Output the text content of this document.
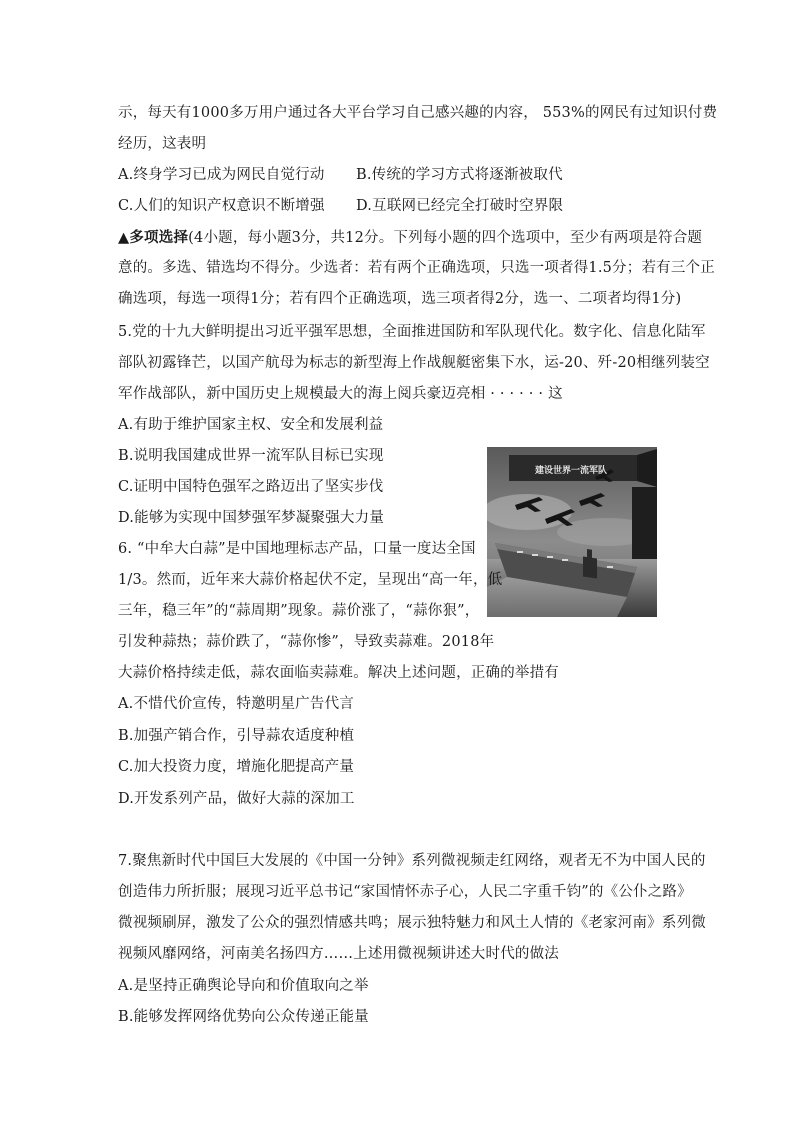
示，每天有1000多万用户通过各大平台学习自己感兴趣的内容， 553%的网民有过知识付费
经历，这表明
A.终身学习已成为网民自觉行动 B.传统的学习方式将逐渐被取代
C.人们的知识产权意识不断增强 D.互联网已经完全打破时空界限
▲多项选择(4小题，每小题3分，共12分。下列每小题的四个选项中，至少有两项是符合题
意的。多选、错选均不得分。少选者：若有两个正确选项，只选一项者得1.5分；若有三个正
确选项，每选一项得1分；若有四个正确选项，选三项者得2分，选一、二项者均得1分)
5.党的十九大鲜明提出习近平强军思想，全面推进国防和军队现代化。数字化、信息化陆军
部队初露锋芒，以国产航母为标志的新型海上作战舰艇密集下水，运-20、歼-20相继列装空
军作战部队，新中国历史上规模最大的海上阅兵豪迈亮相 · · · · · · 这
A.有助于维护国家主权、安全和发展利益
B.说明我国建成世界一流军队目标已实现
C.证明中国特色强军之路迈出了坚实步伐
D.能够为实现中国梦强军梦凝聚强大力量
建设世界一流军队
6. “中牟大白蒜”是中国地理标志产品，口量一度达全国
1/3。然而，近年来大蒜价格起伏不定，呈现出“高一年，低
三年，稳三年”的“蒜周期”现象。蒜价涨了，“蒜你狠”，
引发种蒜热；蒜价跌了，“蒜你惨”，导致卖蒜难。2018年
大蒜价格持续走低，蒜农面临卖蒜难。解决上述问题，正确的举措有
A.不惜代价宣传，特邀明星广告代言
B.加强产销合作，引导蒜农适度种植
C.加大投资力度，增施化肥提高产量
D.开发系列产品，做好大蒜的深加工
7.聚焦新时代中国巨大发展的《中国一分钟》系列微视频走红网络，观者无不为中国人民的
创造伟力所折服；展现习近平总书记“家国情怀赤子心，人民二字重千钧”的《公仆之路》
微视频刷屏，激发了公众的强烈情感共鸣；展示独特魅力和风土人情的《老家河南》系列微
视频风靡网络，河南美名扬四方……上述用微视频讲述大时代的做法
A.是坚持正确舆论导向和价值取向之举
B.能够发挥网络优势向公众传递正能量
